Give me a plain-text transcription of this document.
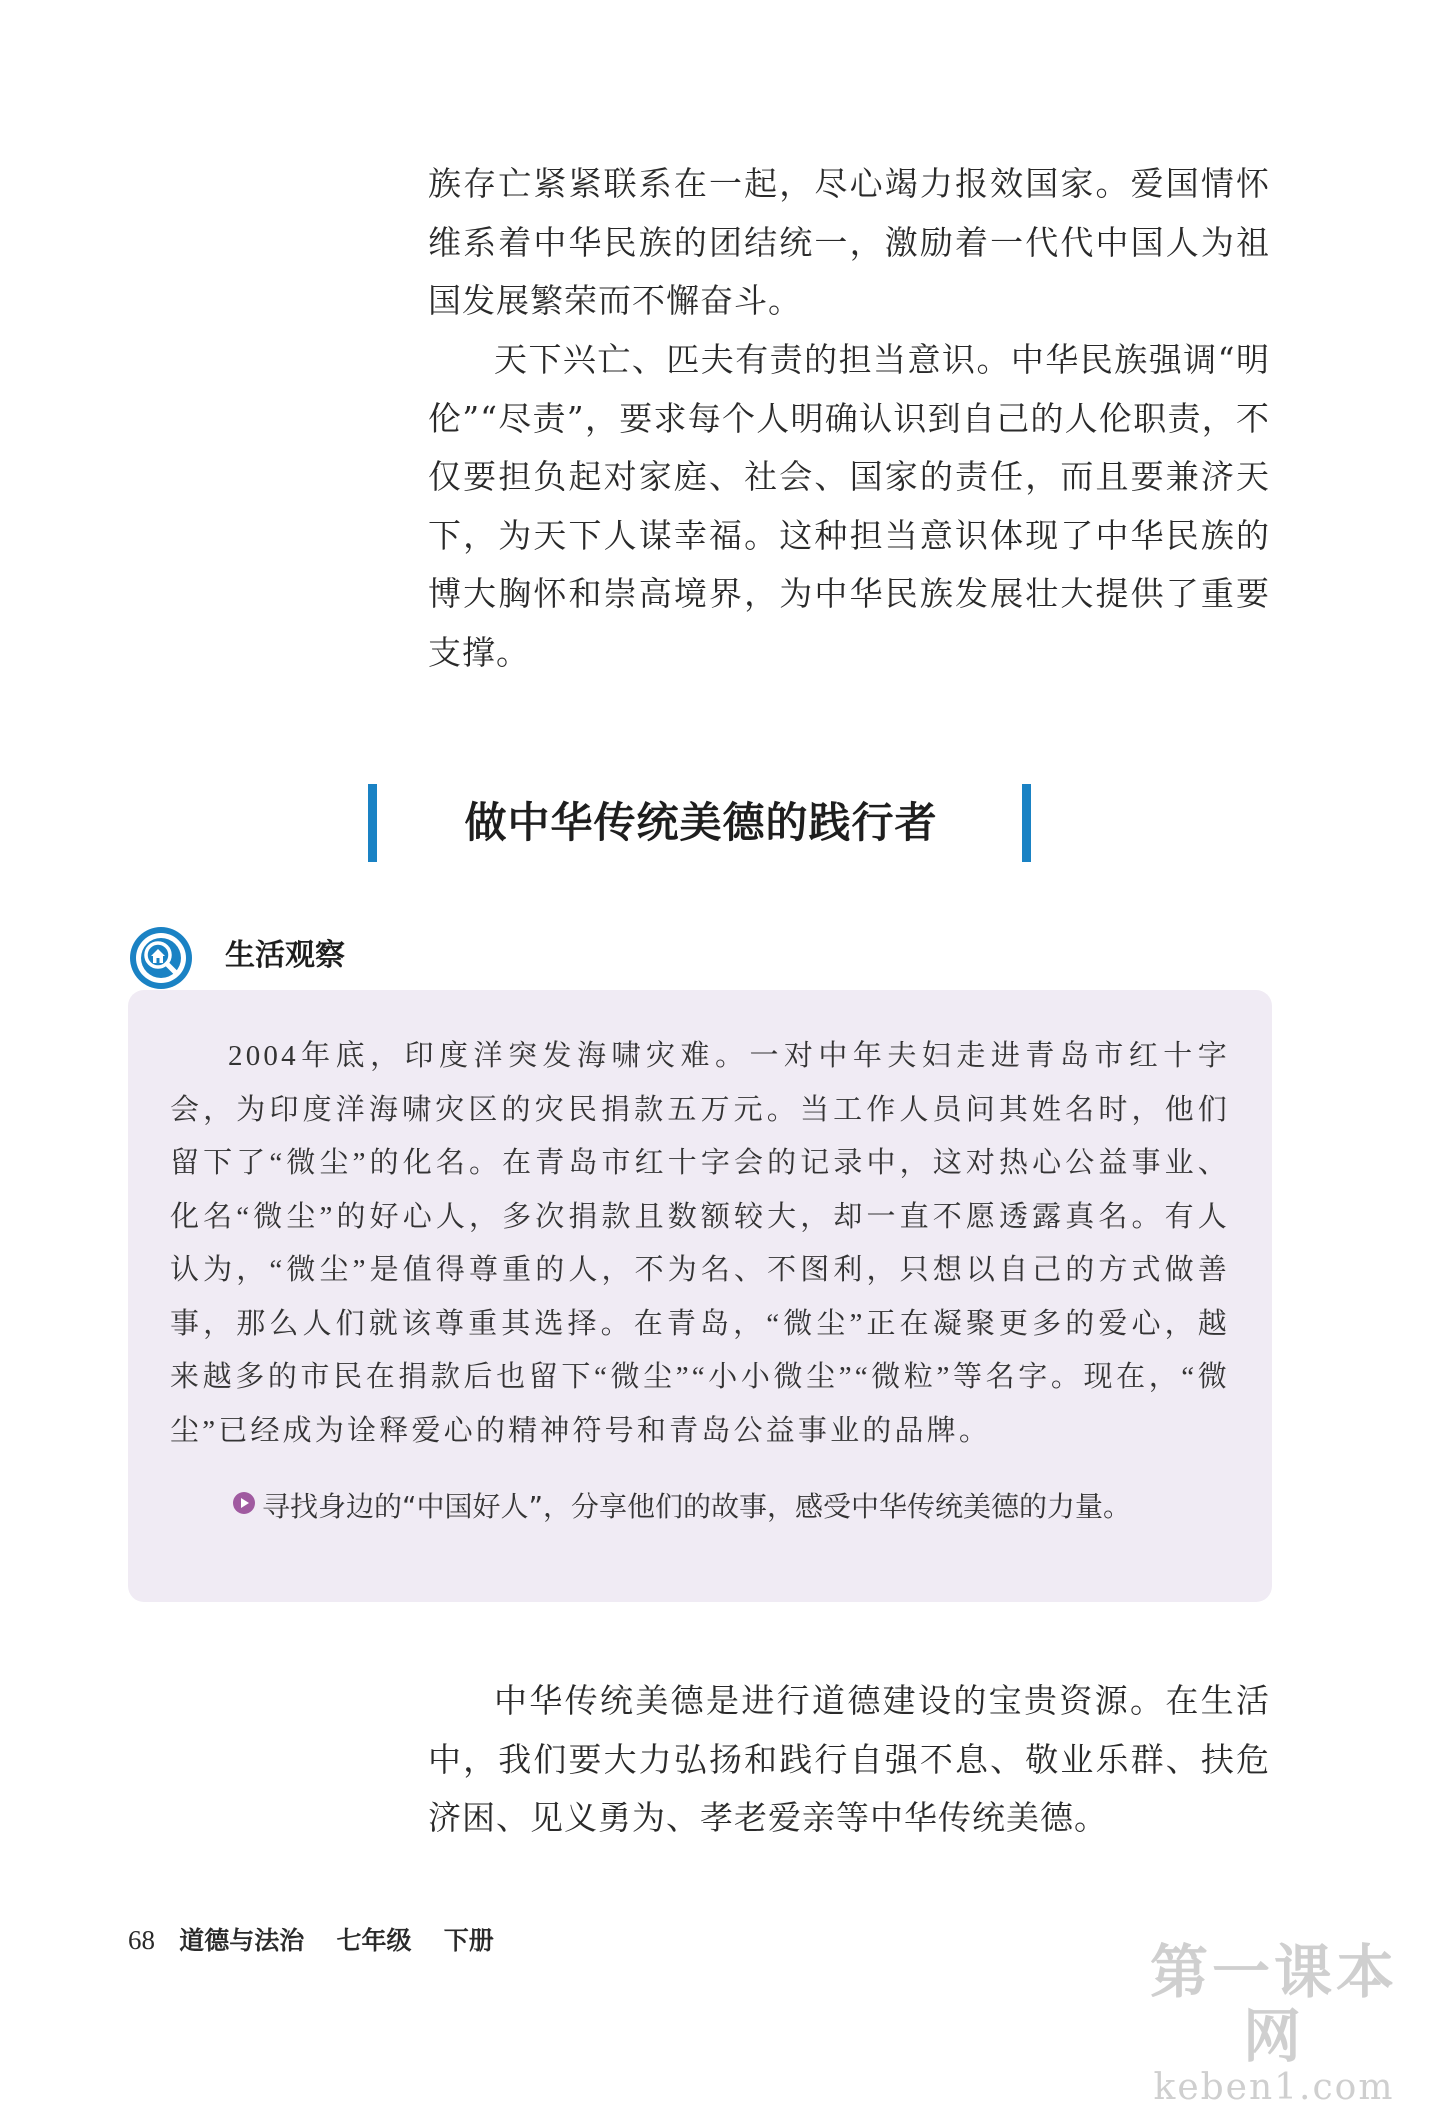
族存亡紧紧联系在一起，尽心竭力报效国家。爱国情怀维系着中华民族的团结统一，激励着一代代中国人为祖国发展繁荣而不懈奋斗。

天下兴亡、匹夫有责的担当意识。中华民族强调“明伦”“尽责”，要求每个人明确认识到自己的人伦职责，不仅要担负起对家庭、社会、国家的责任，而且要兼济天下，为天下人谋幸福。这种担当意识体现了中华民族的博大胸怀和崇高境界，为中华民族发展壮大提供了重要支撑。

做中华传统美德的践行者
生活观察

2004年底，印度洋突发海啸灾难。一对中年夫妇走进青岛市红十字会，为印度洋海啸灾区的灾民捐款五万元。当工作人员问其姓名时，他们留下了“微尘”的化名。在青岛市红十字会的记录中，这对热心公益事业、化名“微尘”的好心人，多次捐款且数额较大，却一直不愿透露真名。有人认为，“微尘”是值得尊重的人，不为名、不图利，只想以自己的方式做善事，那么人们就该尊重其选择。在青岛，“微尘”正在凝聚更多的爱心，越来越多的市民在捐款后也留下“微尘”“小小微尘”“微粒”等名字。现在，“微尘”已经成为诠释爱心的精神符号和青岛公益事业的品牌。

寻找身边的“中国好人”，分享他们的故事，感受中华传统美德的力量。

中华传统美德是进行道德建设的宝贵资源。在生活中，我们要大力弘扬和践行自强不息、敬业乐群、扶危济困、见义勇为、孝老爱亲等中华传统美德。

68 道德与法治 七年级 下册	第一课本网
keben1.com
